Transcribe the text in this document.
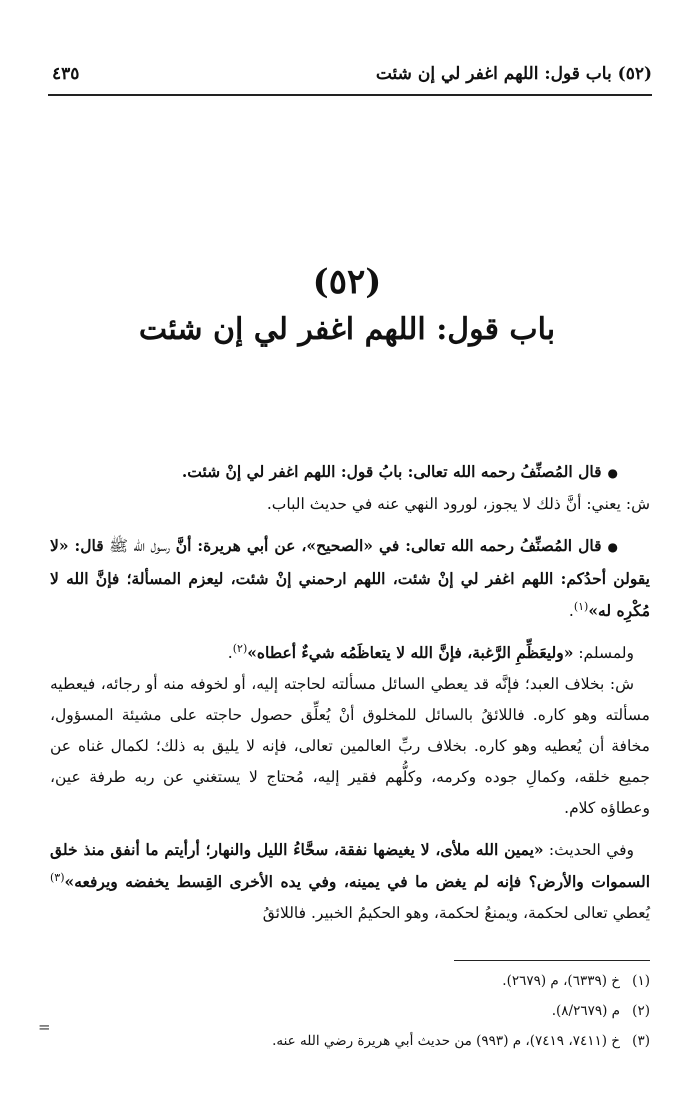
(٥٢) باب قول: اللهم اغفر لي إن شئت
٤٣٥
(٥٢)
باب قول: اللهم اغفر لي إن شئت

●قال المُصنِّفُ رحمه الله تعالى: بابُ قول: اللهم اغفر لي إنْ شئت.

ش: يعني: أنَّ ذلك لا يجوز، لورود النهي عنه في حديث الباب.

●قال المُصنِّفُ رحمه الله تعالى: في «الصحيح»، عن أبي هريرة: أنَّ رسول الله ﷺ قال: «لا يقولن أحدُكم: اللهم اغفر لي إنْ شئت، اللهم ارحمني إنْ شئت، ليعزم المسألة؛ فإنَّ الله لا مُكْرِه له»$^{(١)}$.

ولمسلم: «وليعَظِّمِ الرَّغبة، فإنَّ الله لا يتعاظَمُه شيءٌ أعطاه»$^{(٢)}$.

ش: بخلاف العبد؛ فإنَّه قد يعطي السائل مسألته لحاجته إليه، أو لخوفه منه أو رجائه، فيعطيه مسألته وهو كاره. فاللائقُ بالسائل للمخلوق أنْ يُعلِّق حصول حاجته على مشيئة المسؤول، مخافة أن يُعطيه وهو كاره. بخلاف ربِّ العالمين تعالى، فإنه لا يليق به ذلك؛ لكمال غناه عن جميع خلقه، وكمالِ جوده وكرمه، وكلُّهم فقير إليه، مُحتاج لا يستغني عن ربه طرفة عين، وعطاؤه كلام.

وفي الحديث: «يمين الله ملأى، لا يغيضها نفقة، سحَّاءُ الليل والنهار؛ أرأيتم ما أنفق منذ خلق السموات والأرض؟ فإنه لم يغض ما في يمينه، وفي يده الأخرى القِسط يخفضه ويرفعه»$^{(٣)}$ يُعطي تعالى لحكمة، ويمنعُ لحكمة، وهو الحكيمُ الخبير. فاللائقُ

(١)خ (٦٣٣٩)، م (٢٦٧٩).
(٢)م (٨/٢٦٧٩).
(٣)خ (٧٤١١، ٧٤١٩)، م (٩٩٣) من حديث أبي هريرة رضي الله عنه.
=
